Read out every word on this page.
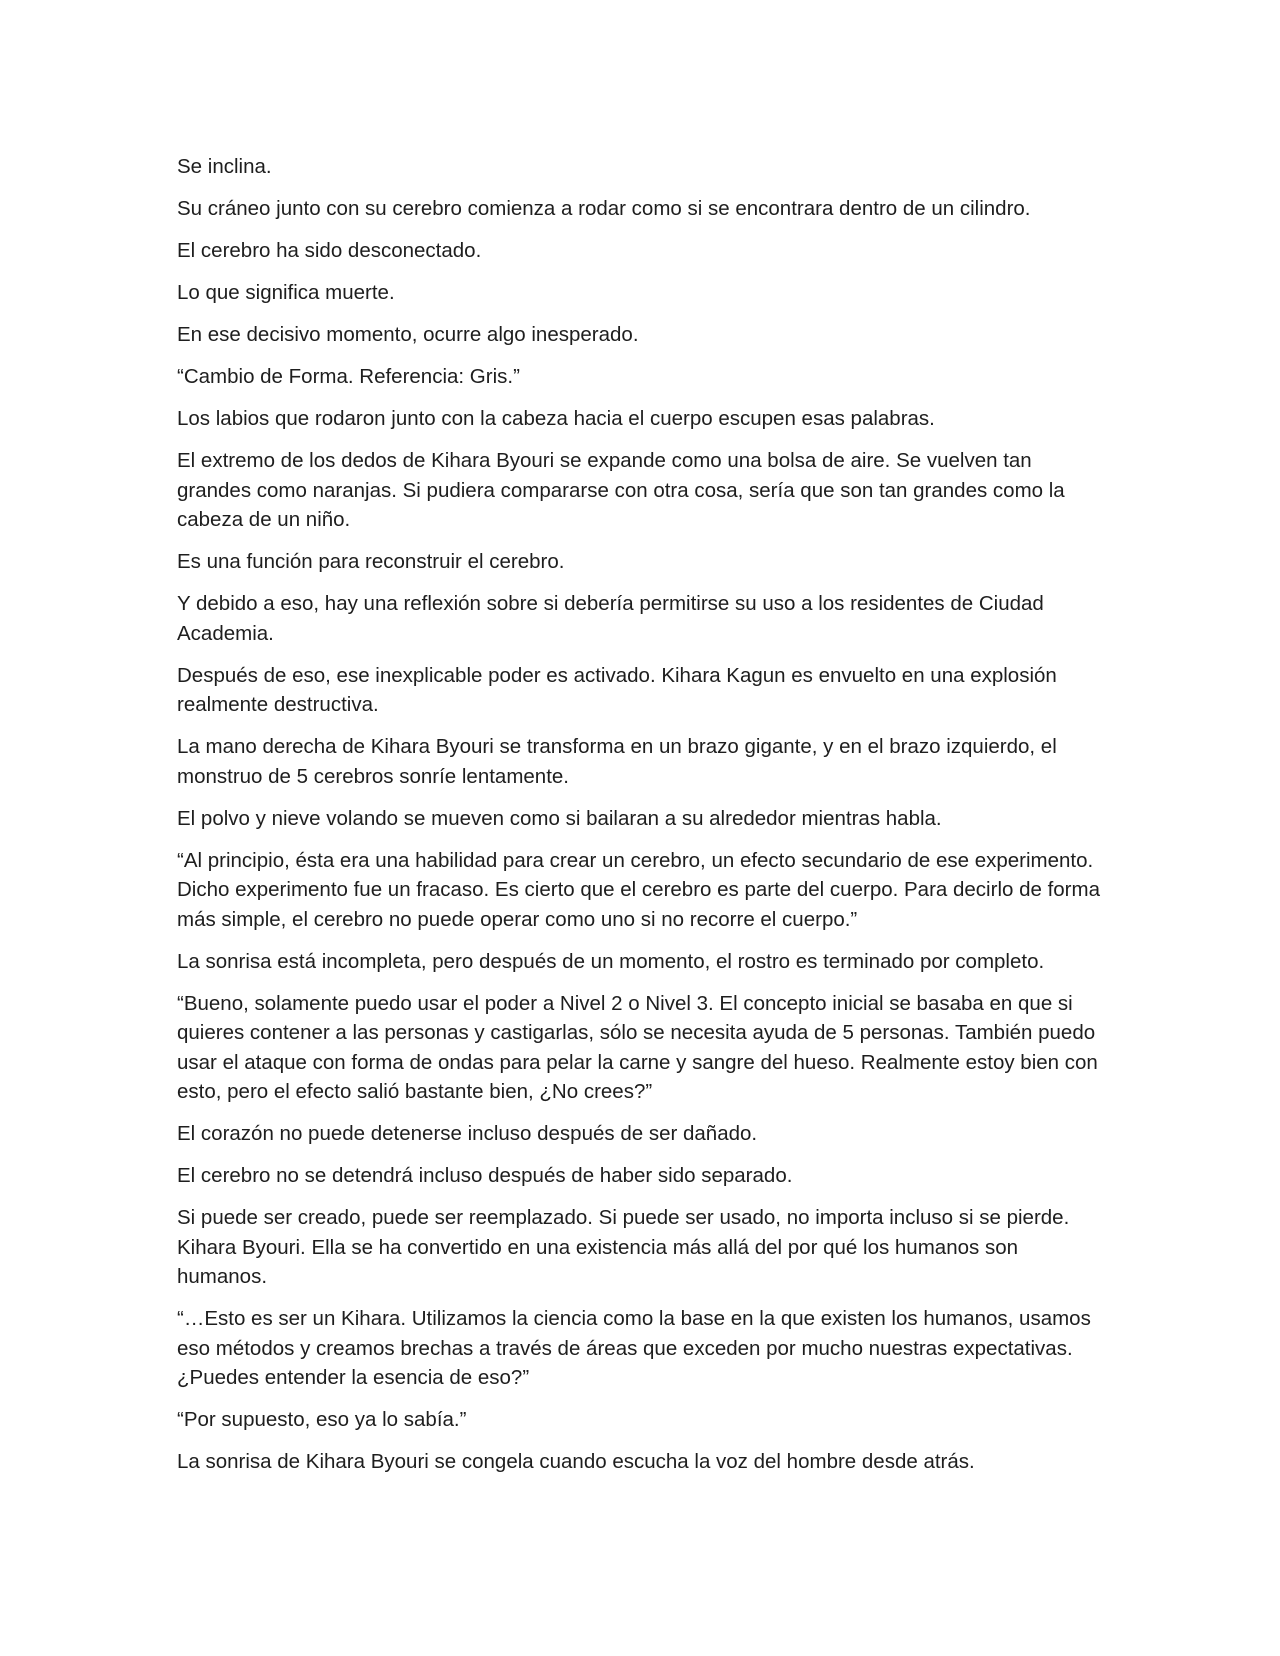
Se inclina.

Su cráneo junto con su cerebro comienza a rodar como si se encontrara dentro de un cilindro.

El cerebro ha sido desconectado.

Lo que significa muerte.

En ese decisivo momento, ocurre algo inesperado.

“Cambio de Forma. Referencia: Gris.”

Los labios que rodaron junto con la cabeza hacia el cuerpo escupen esas palabras.

El extremo de los dedos de Kihara Byouri se expande como una bolsa de aire. Se vuelven tan grandes como naranjas. Si pudiera compararse con otra cosa, sería que son tan grandes como la cabeza de un niño.

Es una función para reconstruir el cerebro.

Y debido a eso, hay una reflexión sobre si debería permitirse su uso a los residentes de Ciudad Academia.

Después de eso, ese inexplicable poder es activado. Kihara Kagun es envuelto en una explosión realmente destructiva.

La mano derecha de Kihara Byouri se transforma en un brazo gigante, y en el brazo izquierdo, el monstruo de 5 cerebros sonríe lentamente.

El polvo y nieve volando se mueven como si bailaran a su alrededor mientras habla.

“Al principio, ésta era una habilidad para crear un cerebro, un efecto secundario de ese experimento. Dicho experimento fue un fracaso. Es cierto que el cerebro es parte del cuerpo. Para decirlo de forma más simple, el cerebro no puede operar como uno si no recorre el cuerpo.”

La sonrisa está incompleta, pero después de un momento, el rostro es terminado por completo.

“Bueno, solamente puedo usar el poder a Nivel 2 o Nivel 3. El concepto inicial se basaba en que si quieres contener a las personas y castigarlas, sólo se necesita ayuda de 5 personas. También puedo usar el ataque con forma de ondas para pelar la carne y sangre del hueso. Realmente estoy bien con esto, pero el efecto salió bastante bien, ¿No crees?”

El corazón no puede detenerse incluso después de ser dañado.

El cerebro no se detendrá incluso después de haber sido separado.

Si puede ser creado, puede ser reemplazado. Si puede ser usado, no importa incluso si se pierde. Kihara Byouri. Ella se ha convertido en una existencia más allá del por qué los humanos son humanos.

“…Esto es ser un Kihara. Utilizamos la ciencia como la base en la que existen los humanos, usamos eso métodos y creamos brechas a través de áreas que exceden por mucho nuestras expectativas. ¿Puedes entender la esencia de eso?”

“Por supuesto, eso ya lo sabía.”

La sonrisa de Kihara Byouri se congela cuando escucha la voz del hombre desde atrás.
